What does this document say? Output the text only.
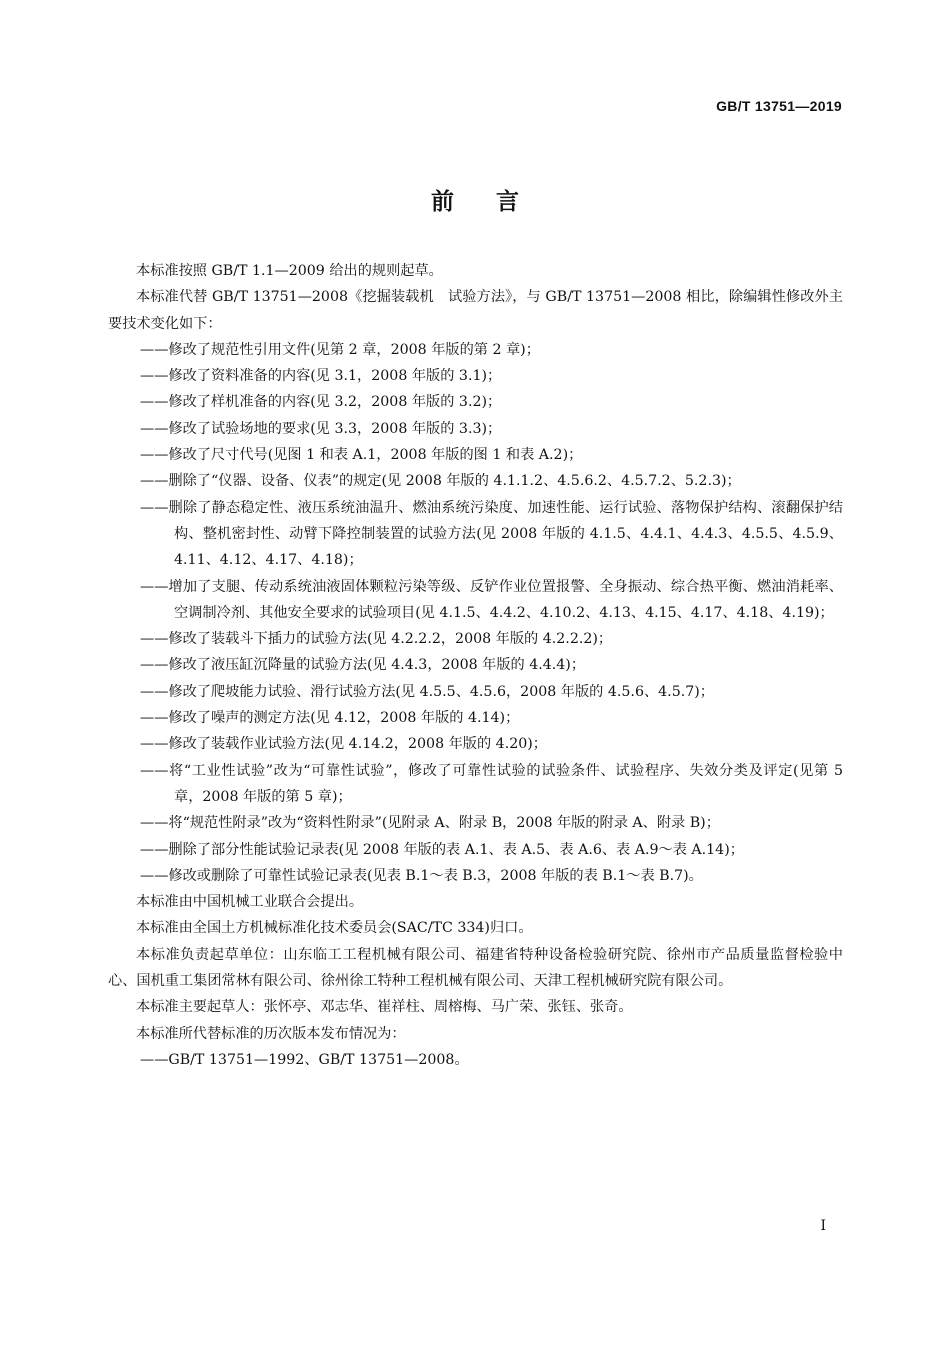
GB/T 13751—2019
前言

本标准按照 GB/T 1.1—2009 给出的规则起草。

本标准代替 GB/T 13751—2008《挖掘装载机　试验方法》，与 GB/T 13751—2008 相比，除编辑性修改外主要技术变化如下：

——修改了规范性引用文件(见第 2 章，2008 年版的第 2 章)；

——修改了资料准备的内容(见 3.1，2008 年版的 3.1)；

——修改了样机准备的内容(见 3.2，2008 年版的 3.2)；

——修改了试验场地的要求(见 3.3，2008 年版的 3.3)；

——修改了尺寸代号(见图 1 和表 A.1，2008 年版的图 1 和表 A.2)；

——删除了“仪器、设备、仪表”的规定(见 2008 年版的 4.1.1.2、4.5.6.2、4.5.7.2、5.2.3)；

——删除了静态稳定性、液压系统油温升、燃油系统污染度、加速性能、运行试验、落物保护结构、滚翻保护结构、整机密封性、动臂下降控制装置的试验方法(见 2008 年版的 4.1.5、4.4.1、4.4.3、4.5.5、4.5.9、4.11、4.12、4.17、4.18)；

——增加了支腿、传动系统油液固体颗粒污染等级、反铲作业位置报警、全身振动、综合热平衡、燃油消耗率、空调制冷剂、其他安全要求的试验项目(见 4.1.5、4.4.2、4.10.2、4.13、4.15、4.17、4.18、4.19)；

——修改了装载斗下插力的试验方法(见 4.2.2.2，2008 年版的 4.2.2.2)；

——修改了液压缸沉降量的试验方法(见 4.4.3，2008 年版的 4.4.4)；

——修改了爬坡能力试验、滑行试验方法(见 4.5.5、4.5.6，2008 年版的 4.5.6、4.5.7)；

——修改了噪声的测定方法(见 4.12，2008 年版的 4.14)；

——修改了装载作业试验方法(见 4.14.2，2008 年版的 4.20)；

——将“工业性试验”改为“可靠性试验”，修改了可靠性试验的试验条件、试验程序、失效分类及评定(见第 5 章，2008 年版的第 5 章)；

——将“规范性附录”改为“资料性附录”(见附录 A、附录 B，2008 年版的附录 A、附录 B)；

——删除了部分性能试验记录表(见 2008 年版的表 A.1、表 A.5、表 A.6、表 A.9～表 A.14)；

——修改或删除了可靠性试验记录表(见表 B.1～表 B.3，2008 年版的表 B.1～表 B.7)。

本标准由中国机械工业联合会提出。

本标准由全国土方机械标准化技术委员会(SAC/TC 334)归口。

本标准负责起草单位：山东临工工程机械有限公司、福建省特种设备检验研究院、徐州市产品质量监督检验中心、国机重工集团常林有限公司、徐州徐工特种工程机械有限公司、天津工程机械研究院有限公司。

本标准主要起草人：张怀亭、邓志华、崔祥柱、周榕梅、马广荣、张钰、张奇。

本标准所代替标准的历次版本发布情况为：

——GB/T 13751—1992、GB/T 13751—2008。

I
